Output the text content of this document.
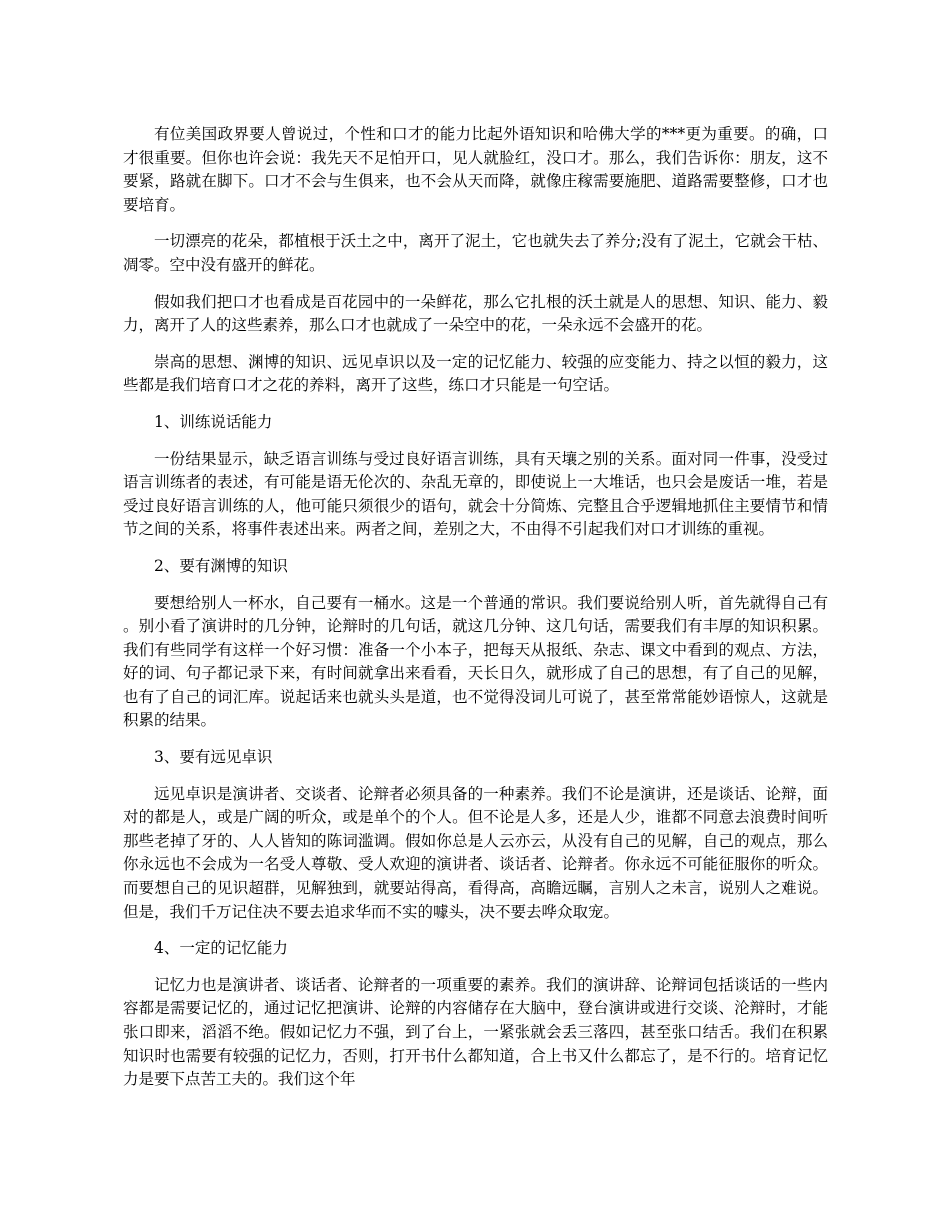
有位美国政界要人曾说过，个性和口才的能力比起外语知识和哈佛大学的***更为重要。的确，口才很重要。但你也许会说：我先天不足怕开口，见人就脸红，没口才。那么，我们告诉你：朋友，这不要紧，路就在脚下。口才不会与生俱来，也不会从天而降，就像庄稼需要施肥、道路需要整修，口才也要培育。

一切漂亮的花朵，都植根于沃土之中，离开了泥土，它也就失去了养分;没有了泥土，它就会干枯、凋零。空中没有盛开的鲜花。

假如我们把口才也看成是百花园中的一朵鲜花，那么它扎根的沃土就是人的思想、知识、能力、毅力，离开了人的这些素养，那么口才也就成了一朵空中的花，一朵永远不会盛开的花。

崇高的思想、渊博的知识、远见卓识以及一定的记忆能力、较强的应变能力、持之以恒的毅力，这些都是我们培育口才之花的养料，离开了这些，练口才只能是一句空话。

1、训练说话能力

一份结果显示，缺乏语言训练与受过良好语言训练，具有天壤之别的关系。面对同一件事，没受过语言训练者的表述，有可能是语无伦次的、杂乱无章的，即使说上一大堆话，也只会是废话一堆，若是受过良好语言训练的人，他可能只须很少的语句，就会十分简炼、完整且合乎逻辑地抓住主要情节和情节之间的关系，将事件表述出来。两者之间，差别之大，不由得不引起我们对口才训练的重视。

2、要有渊博的知识

要想给别人一杯水，自己要有一桶水。这是一个普通的常识。我们要说给别人听，首先就得自己有。别小看了演讲时的几分钟，论辩时的几句话，就这几分钟、这几句话，需要我们有丰厚的知识积累。我们有些同学有这样一个好习惯：准备一个小本子，把每天从报纸、杂志、课文中看到的观点、方法，好的词、句子都记录下来，有时间就拿出来看看，天长日久，就形成了自己的思想，有了自己的见解，也有了自己的词汇库。说起话来也就头头是道，也不觉得没词儿可说了，甚至常常能妙语惊人，这就是积累的结果。

3、要有远见卓识

远见卓识是演讲者、交谈者、论辩者必须具备的一种素养。我们不论是演讲，还是谈话、论辩，面对的都是人，或是广阔的听众，或是单个的个人。但不论是人多，还是人少，谁都不同意去浪费时间听那些老掉了牙的、人人皆知的陈词滥调。假如你总是人云亦云，从没有自己的见解，自己的观点，那么你永远也不会成为一名受人尊敬、受人欢迎的演讲者、谈话者、论辩者。你永远不可能征服你的听众。而要想自己的见识超群，见解独到，就要站得高，看得高，高瞻远瞩，言别人之未言，说别人之难说。但是，我们千万记住决不要去追求华而不实的噱头，决不要去哗众取宠。

4、一定的记忆能力

记忆力也是演讲者、谈话者、论辩者的一项重要的素养。我们的演讲辞、论辩词包括谈话的一些内容都是需要记忆的，通过记忆把演讲、论辩的内容储存在大脑中，登台演讲或进行交谈、沦辩时，才能张口即来，滔滔不绝。假如记忆力不强，到了台上，一紧张就会丢三落四，甚至张口结舌。我们在积累知识时也需要有较强的记忆力，否则，打开书什么都知道，合上书又什么都忘了，是不行的。培育记忆力是要下点苦工夫的。我们这个年
